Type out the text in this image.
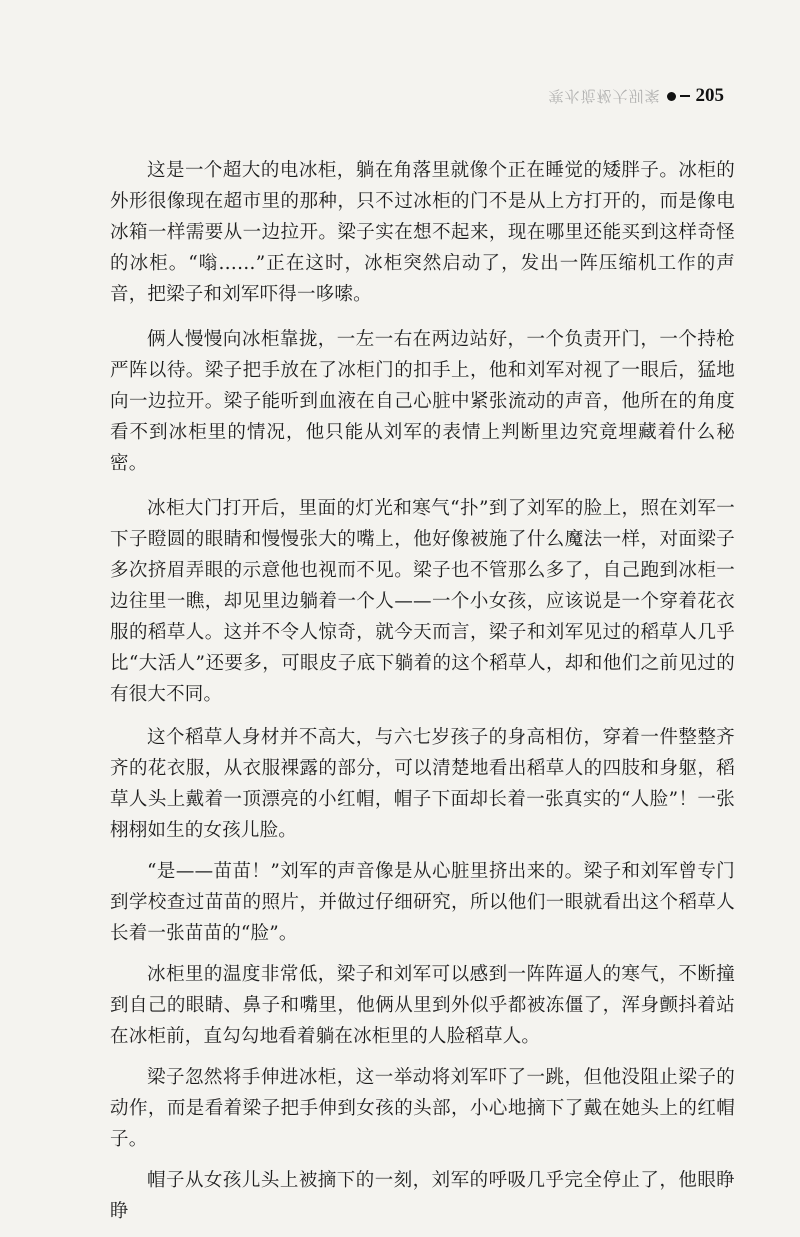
寒水诡秘大别案 205

这是一个超大的电冰柜，躺在角落里就像个正在睡觉的矮胖子。冰柜的外形很像现在超市里的那种，只不过冰柜的门不是从上方打开的，而是像电冰箱一样需要从一边拉开。梁子实在想不起来，现在哪里还能买到这样奇怪的冰柜。“嗡……”正在这时，冰柜突然启动了，发出一阵压缩机工作的声音，把梁子和刘军吓得一哆嗦。

俩人慢慢向冰柜靠拢，一左一右在两边站好，一个负责开门，一个持枪严阵以待。梁子把手放在了冰柜门的扣手上，他和刘军对视了一眼后，猛地向一边拉开。梁子能听到血液在自己心脏中紧张流动的声音，他所在的角度看不到冰柜里的情况，他只能从刘军的表情上判断里边究竟埋藏着什么秘密。

冰柜大门打开后，里面的灯光和寒气“扑”到了刘军的脸上，照在刘军一下子瞪圆的眼睛和慢慢张大的嘴上，他好像被施了什么魔法一样，对面梁子多次挤眉弄眼的示意他也视而不见。梁子也不管那么多了，自己跑到冰柜一边往里一瞧，却见里边躺着一个人——一个小女孩，应该说是一个穿着花衣服的稻草人。这并不令人惊奇，就今天而言，梁子和刘军见过的稻草人几乎比“大活人”还要多，可眼皮子底下躺着的这个稻草人，却和他们之前见过的有很大不同。

这个稻草人身材并不高大，与六七岁孩子的身高相仿，穿着一件整整齐齐的花衣服，从衣服裸露的部分，可以清楚地看出稻草人的四肢和身躯，稻草人头上戴着一顶漂亮的小红帽，帽子下面却长着一张真实的“人脸”！一张栩栩如生的女孩儿脸。

“是——苗苗！”刘军的声音像是从心脏里挤出来的。梁子和刘军曾专门到学校查过苗苗的照片，并做过仔细研究，所以他们一眼就看出这个稻草人长着一张苗苗的“脸”。

冰柜里的温度非常低，梁子和刘军可以感到一阵阵逼人的寒气，不断撞到自己的眼睛、鼻子和嘴里，他俩从里到外似乎都被冻僵了，浑身颤抖着站在冰柜前，直勾勾地看着躺在冰柜里的人脸稻草人。

梁子忽然将手伸进冰柜，这一举动将刘军吓了一跳，但他没阻止梁子的动作，而是看着梁子把手伸到女孩的头部，小心地摘下了戴在她头上的红帽子。

帽子从女孩儿头上被摘下的一刻，刘军的呼吸几乎完全停止了，他眼睁睁
